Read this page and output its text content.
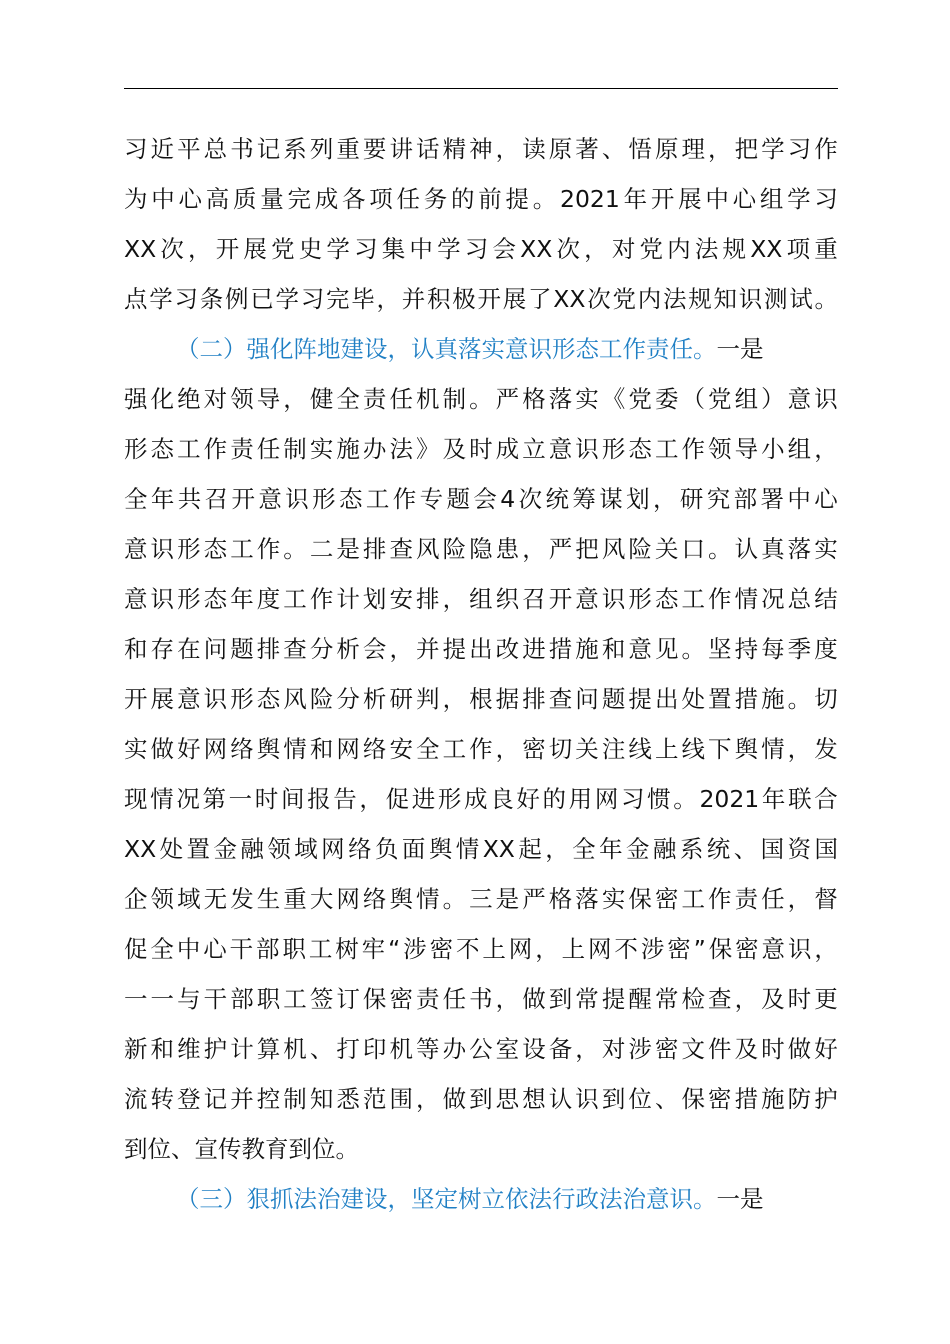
习 近 平 总 书 记 系 列 重 要 讲 话 精 神 ， 读 原 著 、 悟 原 理 ， 把 学 习 作
为 中 心 高 质 量 完 成 各 项 任 务 的 前 提 。 2021 年 开 展 中 心 组 学 习
XX 次 ， 开 展 党 史 学 习 集 中 学 习 会 XX 次 ， 对 党 内 法 规 XX 项 重
点 学 习 条 例 已 学 习 完 毕 ， 并 积 极 开 展 了 XX 次 党 内 法 规 知 识 测 试 。
（二）强化阵地建设，认真落实意识形态工作责任。 一是
强 化 绝 对 领 导 ， 健 全 责 任 机 制 。 严 格 落 实 《 党 委 （ 党 组 ） 意 识
形 态 工 作 责 任 制 实 施 办 法 》 及 时 成 立 意 识 形 态 工 作 领 导 小 组 ，
全 年 共 召 开 意 识 形 态 工 作 专 题 会 4 次 统 筹 谋 划 ， 研 究 部 署 中 心
意 识 形 态 工 作 。 二 是 排 查 风 险 隐 患 ， 严 把 风 险 关 口 。 认 真 落 实
意 识 形 态 年 度 工 作 计 划 安 排 ， 组 织 召 开 意 识 形 态 工 作 情 况 总 结
和 存 在 问 题 排 查 分 析 会 ， 并 提 出 改 进 措 施 和 意 见 。 坚 持 每 季 度
开 展 意 识 形 态 风 险 分 析 研 判 ， 根 据 排 查 问 题 提 出 处 置 措 施 。 切
实 做 好 网 络 舆 情 和 网 络 安 全 工 作 ， 密 切 关 注 线 上 线 下 舆 情 ， 发
现 情 况 第 一 时 间 报 告 ， 促 进 形 成 良 好 的 用 网 习 惯 。 2021 年 联 合
XX 处 置 金 融 领 域 网 络 负 面 舆 情 XX 起 ， 全 年 金 融 系 统 、 国 资 国
企 领 域 无 发 生 重 大 网 络 舆 情 。 三 是 严 格 落 实 保 密 工 作 责 任 ， 督
促 全 中 心 干 部 职 工 树 牢 “ 涉 密 不 上 网 ， 上 网 不 涉 密 ” 保 密 意 识 ，
一 一 与 干 部 职 工 签 订 保 密 责 任 书 ， 做 到 常 提 醒 常 检 查 ， 及 时 更
新 和 维 护 计 算 机 、 打 印 机 等 办 公 室 设 备 ， 对 涉 密 文 件 及 时 做 好
流 转 登 记 并 控 制 知 悉 范 围 ， 做 到 思 想 认 识 到 位 、 保 密 措 施 防 护
到位、宣传教育到位。
（三）狠抓法治建设，坚定树立依法行政法治意识。 一是
